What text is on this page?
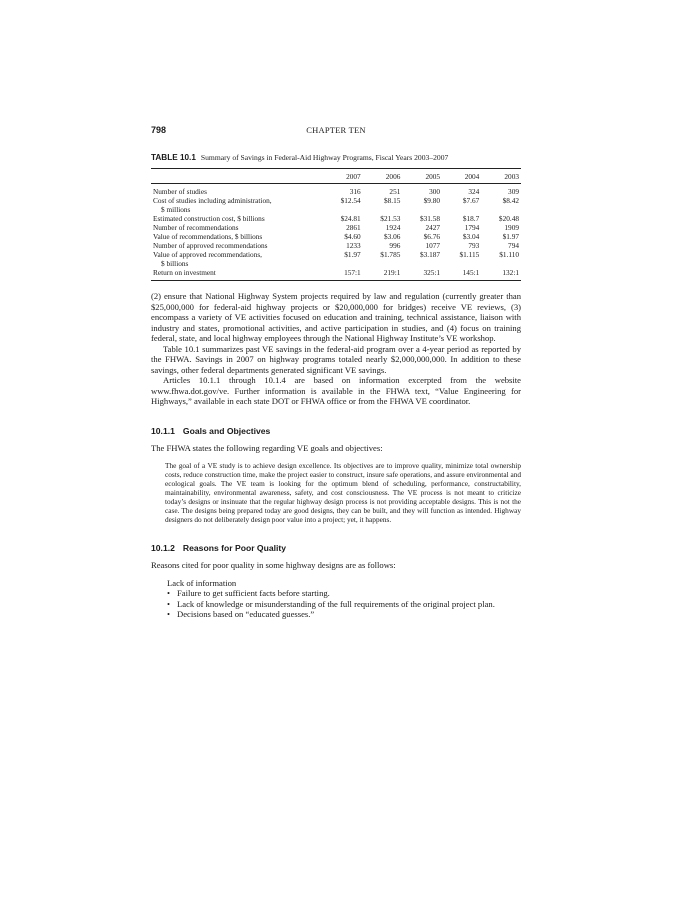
798	CHAPTER TEN
TABLE 10.1 Summary of Savings in Federal-Aid Highway Programs, Fiscal Years 2003–2007
	2007	2006	2005	2004	2003
Number of studies	316	251	300	324	309
Cost of studies including administration,
$ millions	$12.54	$8.15	$9.80	$7.67	$8.42
Estimated construction cost, $ billions	$24.81	$21.53	$31.58	$18.7	$20.48
Number of recommendations	2861	1924	2427	1794	1909
Value of recommendations, $ billions	$4.60	$3.06	$6.76	$3.04	$1.97
Number of approved recommendations	1233	996	1077	793	794
Value of approved recommendations,
$ billions	$1.97	$1.785	$3.187	$1.115	$1.110
Return on investment	157:1	219:1	325:1	145:1	132:1

(2) ensure that National Highway System projects required by law and regulation (currently greater than $25,000,000 for federal-aid highway projects or $20,000,000 for bridges) receive VE reviews, (3) encompass a variety of VE activities focused on education and training, technical assistance, liaison with industry and states, promotional activities, and active participation in studies, and (4) focus on training federal, state, and local highway employees through the National Highway Institute’s VE workshop.

Table 10.1 summarizes past VE savings in the federal-aid program over a 4-year period as reported by the FHWA. Savings in 2007 on highway programs totaled nearly $2,000,000,000. In addition to these savings, other federal departments generated significant VE savings.

Articles 10.1.1 through 10.1.4 are based on information excerpted from the website www.fhwa.dot.gov/ve. Further information is available in the FHWA text, “Value Engineering for Highways,” available in each state DOT or FHWA office or from the FHWA VE coordinator.

10.1.1 Goals and Objectives

The FHWA states the following regarding VE goals and objectives:

The goal of a VE study is to achieve design excellence. Its objectives are to improve quality, minimize total ownership costs, reduce construction time, make the project easier to construct, insure safe operations, and assure environmental and ecological goals. The VE team is looking for the optimum blend of scheduling, performance, constructability, maintainability, environmental awareness, safety, and cost consciousness. The VE process is not meant to criticize today’s designs or insinuate that the regular highway design process is not providing acceptable designs. This is not the case. The designs being prepared today are good designs, they can be built, and they will function as intended. Highway designers do not deliberately design poor value into a project; yet, it happens.

10.1.2 Reasons for Poor Quality

Reasons cited for poor quality in some highway designs are as follows:

Lack of information

• Failure to get sufficient facts before starting.
• Lack of knowledge or misunderstanding of the full requirements of the original project plan.
• Decisions based on “educated guesses.”
